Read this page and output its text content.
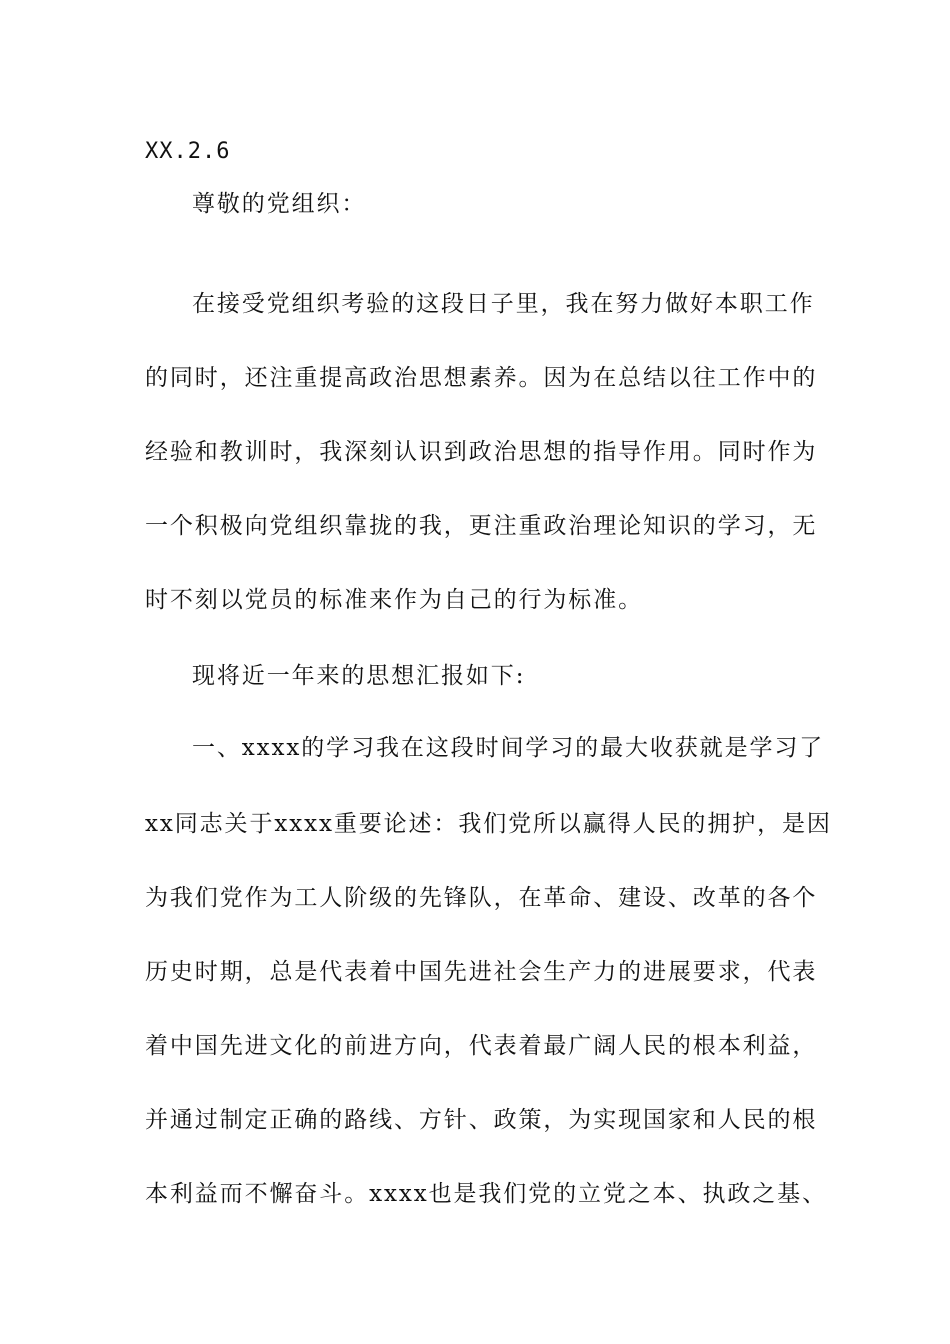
XX.2.6
尊敬的党组织：
在接受党组织考验的这段日子里，我在努力做好本职工作
的同时，还注重提高政治思想素养。因为在总结以往工作中的
经验和教训时，我深刻认识到政治思想的指导作用。同时作为
一个积极向党组织靠拢的我，更注重政治理论知识的学习，无
时不刻以党员的标准来作为自己的行为标准。
现将近一年来的思想汇报如下:
一、xxxx的学习我在这段时间学习的最大收获就是学习了
xx同志关于xxxx重要论述：我们党所以赢得人民的拥护，是因
为我们党作为工人阶级的先锋队，在革命、建设、改革的各个
历史时期，总是代表着中国先进社会生产力的进展要求，代表
着中国先进文化的前进方向，代表着最广阔人民的根本利益，
并通过制定正确的路线、方针、政策，为实现国家和人民的根
本利益而不懈奋斗。xxxx也是我们党的立党之本、执政之基、
